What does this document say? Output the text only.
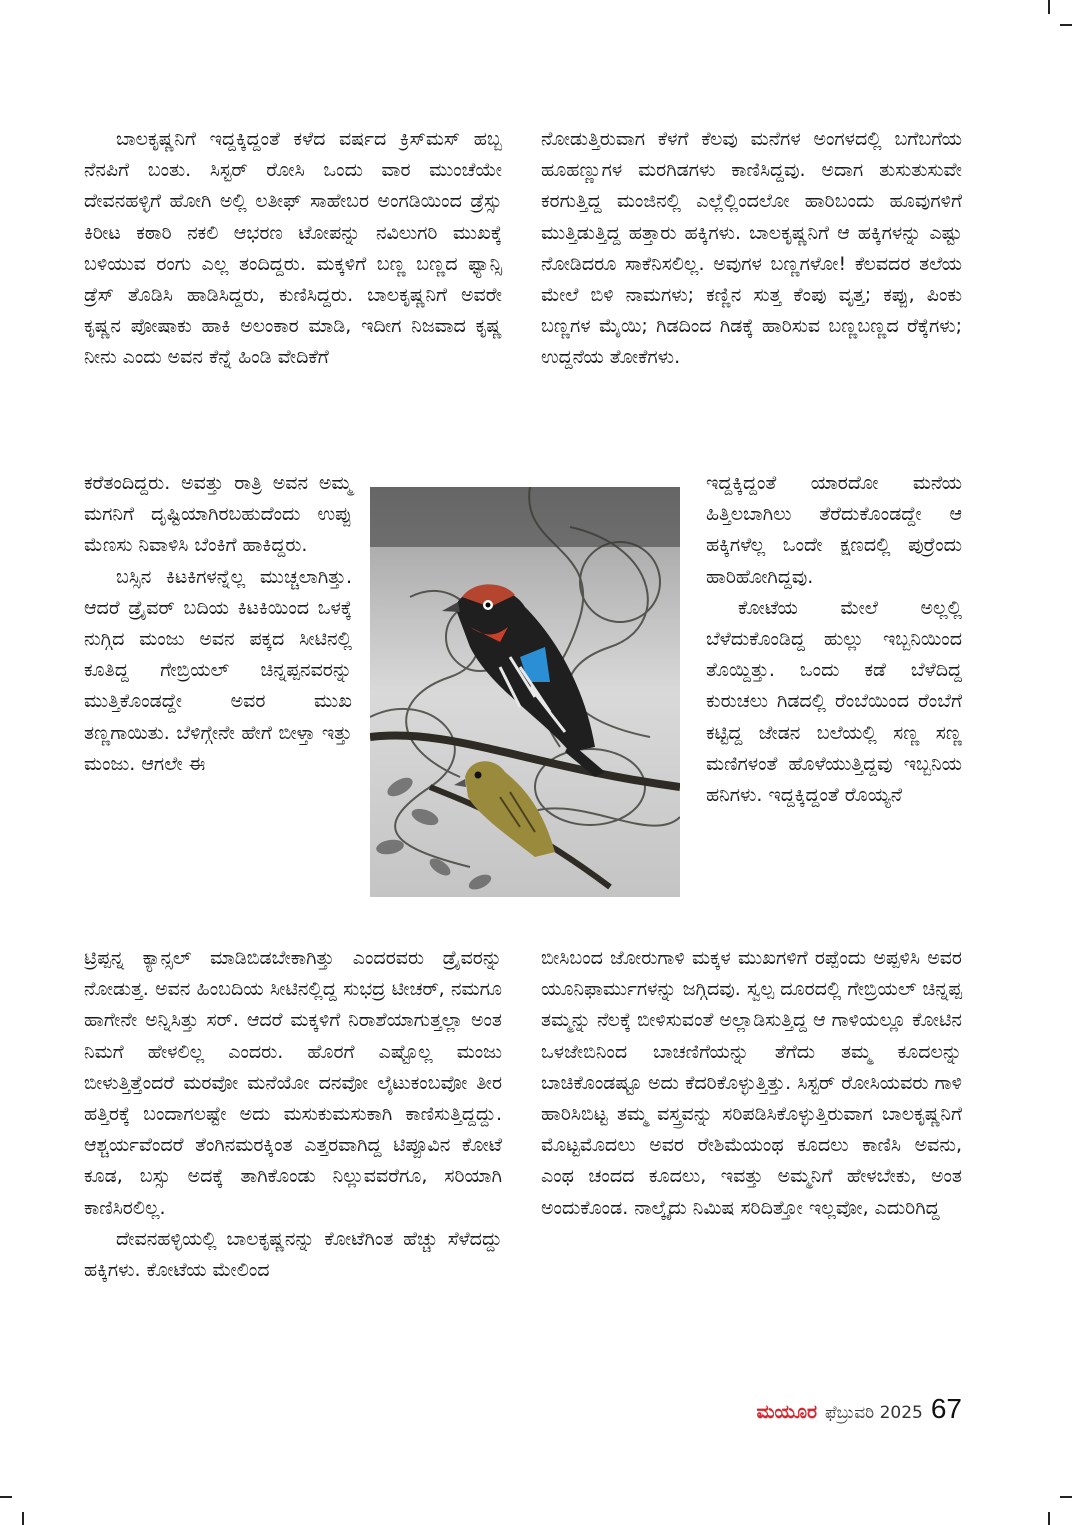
ಬಾಲಕೃಷ್ಣನಿಗೆ ಇದ್ದಕ್ಕಿದ್ದಂತೆ ಕಳೆದ ವರ್ಷದ ಕ್ರಿಸ್‌ಮಸ್ ಹಬ್ಬ ನೆನಪಿಗೆ ಬಂತು. ಸಿಸ್ಟರ್ ರೋಸಿ ಒಂದು ವಾರ ಮುಂಚೆಯೇ ದೇವನಹಳ್ಳಿಗೆ ಹೋಗಿ ಅಲ್ಲಿ ಲತೀಫ್ ಸಾಹೇಬರ ಅಂಗಡಿಯಿಂದ ಡ್ರೆಸ್ಸು ಕಿರೀಟ ಕಠಾರಿ ನಕಲಿ ಆಭರಣ ಟೋಪನ್ನು ನವಿಲುಗರಿ ಮುಖಕ್ಕೆ ಬಳಿಯುವ ರಂಗು ಎಲ್ಲ ತಂದಿದ್ದರು. ಮಕ್ಕಳಿಗೆ ಬಣ್ಣ ಬಣ್ಣದ ಫ್ಯಾನ್ಸಿ ಡ್ರೆಸ್ ತೊಡಿಸಿ ಹಾಡಿಸಿದ್ದರು, ಕುಣಿಸಿದ್ದರು. ಬಾಲಕೃಷ್ಣನಿಗೆ ಅವರೇ ಕೃಷ್ಣನ ಪೋಷಾಕು ಹಾಕಿ ಅಲಂಕಾರ ಮಾಡಿ, ಇದೀಗ ನಿಜವಾದ ಕೃಷ್ಣ ನೀನು ಎಂದು ಅವನ ಕೆನ್ನೆ ಹಿಂಡಿ ವೇದಿಕೆಗೆ

ಕರೆತಂದಿದ್ದರು. ಅವತ್ತು ರಾತ್ರಿ ಅವನ ಅಮ್ಮ ಮಗನಿಗೆ ದೃಷ್ಟಿಯಾಗಿರಬಹುದೆಂದು ಉಪ್ಪು ಮೆಣಸು ನಿವಾಳಿಸಿ ಬೆಂಕಿಗೆ ಹಾಕಿದ್ದರು.

ಬಸ್ಸಿನ ಕಿಟಕಿಗಳನ್ನೆಲ್ಲ ಮುಚ್ಚಲಾಗಿತ್ತು. ಆದರೆ ಡ್ರೈವರ್ ಬದಿಯ ಕಿಟಕಿಯಿಂದ ಒಳಕ್ಕೆ ನುಗ್ಗಿದ ಮಂಜು ಅವನ ಪಕ್ಕದ ಸೀಟಿನಲ್ಲಿ ಕೂತಿದ್ದ ಗೇಬ್ರಿಯಲ್ ಚಿನ್ನಪ್ಪನವರನ್ನು ಮುತ್ತಿಕೊಂಡದ್ದೇ ಅವರ ಮುಖ ತಣ್ಣಗಾಯಿತು. ಬೆಳಿಗ್ಗೇನೇ ಹೇಗೆ ಬೀಳ್ತಾ ಇತ್ತು ಮಂಜು. ಆಗಲೇ ಈ

ಟ್ರಿಪ್ಪನ್ನ ಕ್ಯಾನ್ಸಲ್ ಮಾಡಿಬಿಡಬೇಕಾಗಿತ್ತು ಎಂದರವರು ಡ್ರೈವರನ್ನು ನೋಡುತ್ತ. ಅವನ ಹಿಂಬದಿಯ ಸೀಟಿನಲ್ಲಿದ್ದ ಸುಭದ್ರ ಟೀಚರ್, ನಮಗೂ ಹಾಗೇನೇ ಅನ್ನಿಸಿತ್ತು ಸರ್. ಆದರೆ ಮಕ್ಕಳಿಗೆ ನಿರಾಶೆಯಾಗುತ್ತಲ್ಲಾ ಅಂತ ನಿಮಗೆ ಹೇಳಲಿಲ್ಲ ಎಂದರು. ಹೊರಗೆ ಎಷ್ಟೊಲ್ಲ ಮಂಜು ಬೀಳುತ್ತಿತ್ತೆಂದರೆ ಮರವೋ ಮನೆಯೋ ದನವೋ ಲೈಟುಕಂಬವೋ ತೀರ ಹತ್ತಿರಕ್ಕೆ ಬಂದಾಗಲಷ್ಟೇ ಅದು ಮಸುಕುಮಸುಕಾಗಿ ಕಾಣಿಸುತ್ತಿದ್ದದ್ದು. ಆಶ್ಚರ್ಯವೆಂದರೆ ತೆಂಗಿನಮರಕ್ಕಿಂತ ಎತ್ತರವಾಗಿದ್ದ ಟಿಪ್ಪೂವಿನ ಕೋಟೆ ಕೂಡ, ಬಸ್ಸು ಅದಕ್ಕೆ ತಾಗಿಕೊಂಡು ನಿಲ್ಲುವವರೆಗೂ, ಸರಿಯಾಗಿ ಕಾಣಿಸಿರಲಿಲ್ಲ.

ದೇವನಹಳ್ಳಿಯಲ್ಲಿ ಬಾಲಕೃಷ್ಣನನ್ನು ಕೋಟೆಗಿಂತ ಹೆಚ್ಚು ಸೆಳೆದದ್ದು ಹಕ್ಕಿಗಳು. ಕೋಟೆಯ ಮೇಲಿಂದ

ನೋಡುತ್ತಿರುವಾಗ ಕೆಳಗೆ ಕೆಲವು ಮನೆಗಳ ಅಂಗಳದಲ್ಲಿ ಬಗೆಬಗೆಯ ಹೂಹಣ್ಣುಗಳ ಮರಗಿಡಗಳು ಕಾಣಿಸಿದ್ದವು. ಅದಾಗ ತುಸುತುಸುವೇ ಕರಗುತ್ತಿದ್ದ ಮಂಜಿನಲ್ಲಿ ಎಲ್ಲೆಲ್ಲಿಂದಲೋ ಹಾರಿಬಂದು ಹೂವುಗಳಿಗೆ ಮುತ್ತಿಡುತ್ತಿದ್ದ ಹತ್ತಾರು ಹಕ್ಕಿಗಳು. ಬಾಲಕೃಷ್ಣನಿಗೆ ಆ ಹಕ್ಕಿಗಳನ್ನು ಎಷ್ಟು ನೋಡಿದರೂ ಸಾಕೆನಿಸಲಿಲ್ಲ. ಅವುಗಳ ಬಣ್ಣಗಳೋ! ಕೆಲವದರ ತಲೆಯ ಮೇಲೆ ಬಿಳಿ ನಾಮಗಳು; ಕಣ್ಣಿನ ಸುತ್ತ ಕೆಂಪು ವೃತ್ತ; ಕಪ್ಪು, ಪಿಂಕು ಬಣ್ಣಗಳ ಮೈಯಿ; ಗಿಡದಿಂದ ಗಿಡಕ್ಕೆ ಹಾರಿಸುವ ಬಣ್ಣಬಣ್ಣದ ರೆಕ್ಕೆಗಳು; ಉದ್ದನೆಯ ತೋಕೆಗಳು.

ಇದ್ದಕ್ಕಿದ್ದಂತೆ ಯಾರದೋ ಮನೆಯ ಹಿತ್ತಿಲಬಾಗಿಲು ತೆರೆದುಕೊಂಡದ್ದೇ ಆ ಹಕ್ಕಿಗಳೆಲ್ಲ ಒಂದೇ ಕ್ಷಣದಲ್ಲಿ ಪುರ್ರೆಂದು ಹಾರಿಹೋಗಿದ್ದವು.

ಕೋಟೆಯ ಮೇಲೆ ಅಲ್ಲಲ್ಲಿ ಬೆಳೆದುಕೊಂಡಿದ್ದ ಹುಲ್ಲು ಇಬ್ಬನಿಯಿಂದ ತೊಯ್ದಿತ್ತು. ಒಂದು ಕಡೆ ಬೆಳೆದಿದ್ದ ಕುರುಚಲು ಗಿಡದಲ್ಲಿ ರೆಂಬೆಯಿಂದ ರೆಂಬೆಗೆ ಕಟ್ಟಿದ್ದ ಜೇಡನ ಬಲೆಯಲ್ಲಿ ಸಣ್ಣ ಸಣ್ಣ ಮಣಿಗಳಂತೆ ಹೊಳೆಯುತ್ತಿದ್ದವು ಇಬ್ಬನಿಯ ಹನಿಗಳು. ಇದ್ದಕ್ಕಿದ್ದಂತೆ ರೊಯ್ಯನೆ

ಬೀಸಿಬಂದ ಜೋರುಗಾಳಿ ಮಕ್ಕಳ ಮುಖಗಳಿಗೆ ರಪ್ಪೆಂದು ಅಪ್ಪಳಿಸಿ ಅವರ ಯೂನಿಫಾರ್ಮುಗಳನ್ನು ಜಗ್ಗಿದವು. ಸ್ವಲ್ಪ ದೂರದಲ್ಲಿ ಗೇಬ್ರಿಯಲ್ ಚಿನ್ನಪ್ಪ ತಮ್ಮನ್ನು ನೆಲಕ್ಕೆ ಬೀಳಿಸುವಂತೆ ಅಲ್ಲಾಡಿಸುತ್ತಿದ್ದ ಆ ಗಾಳಿಯಲ್ಲೂ ಕೋಟಿನ ಒಳಜೇಬಿನಿಂದ ಬಾಚಣಿಗೆಯನ್ನು ತೆಗೆದು ತಮ್ಮ ಕೂದಲನ್ನು ಬಾಚಿಕೊಂಡಷ್ಟೂ ಅದು ಕೆದರಿಕೊಳ್ಳುತ್ತಿತ್ತು. ಸಿಸ್ಟರ್ ರೋಸಿಯವರು ಗಾಳಿ ಹಾರಿಸಿಬಿಟ್ಟ ತಮ್ಮ ವಸ್ತ್ರವನ್ನು ಸರಿಪಡಿಸಿಕೊಳ್ಳುತ್ತಿರುವಾಗ ಬಾಲಕೃಷ್ಣನಿಗೆ ಮೊಟ್ಟಮೊದಲು ಅವರ ರೇಶಿಮೆಯಂಥ ಕೂದಲು ಕಾಣಿಸಿ ಅವನು, ಎಂಥ ಚಂದದ ಕೂದಲು, ಇವತ್ತು ಅಮ್ಮನಿಗೆ ಹೇಳಬೇಕು, ಅಂತ ಅಂದುಕೊಂಡ. ನಾಲ್ಕೈದು ನಿಮಿಷ ಸರಿದಿತ್ತೋ ಇಲ್ಲವೋ, ಎದುರಿಗಿದ್ದ

ಮಯೂರ ಫೆಬ್ರುವರಿ 2025 67
